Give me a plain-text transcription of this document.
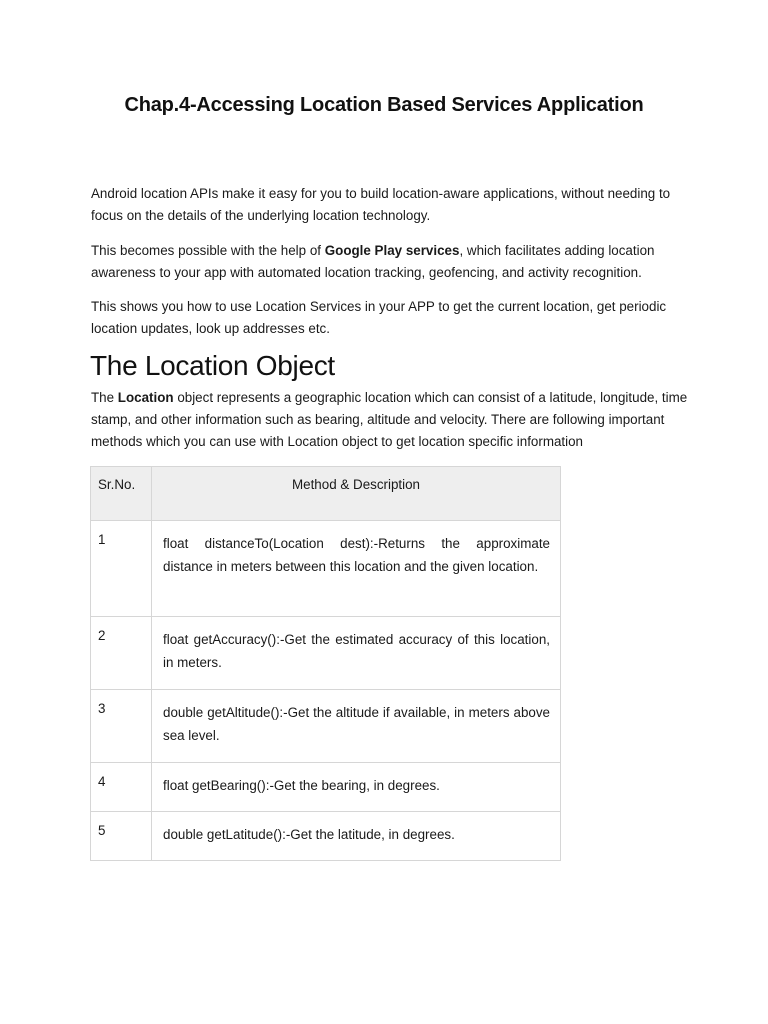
Chap.4-Accessing Location Based Services Application

Android location APIs make it easy for you to build location-aware applications, without needing to focus on the details of the underlying location technology.

This becomes possible with the help of Google Play services, which facilitates adding location awareness to your app with automated location tracking, geofencing, and activity recognition.

This shows you how to use Location Services in your APP to get the current location, get periodic location updates, look up addresses etc.

The Location Object

The Location object represents a geographic location which can consist of a latitude, longitude, time stamp, and other information such as bearing, altitude and velocity. There are following important methods which you can use with Location object to get location specific information

Sr.No.	Method & Description
1	float distanceTo(Location dest):-Returns the approximate distance in meters between this location and the given location.
2	float getAccuracy():-Get the estimated accuracy of this location, in meters.
3	double getAltitude():-Get the altitude if available, in meters above sea level.
4	float getBearing():-Get the bearing, in degrees.
5	double getLatitude():-Get the latitude, in degrees.
